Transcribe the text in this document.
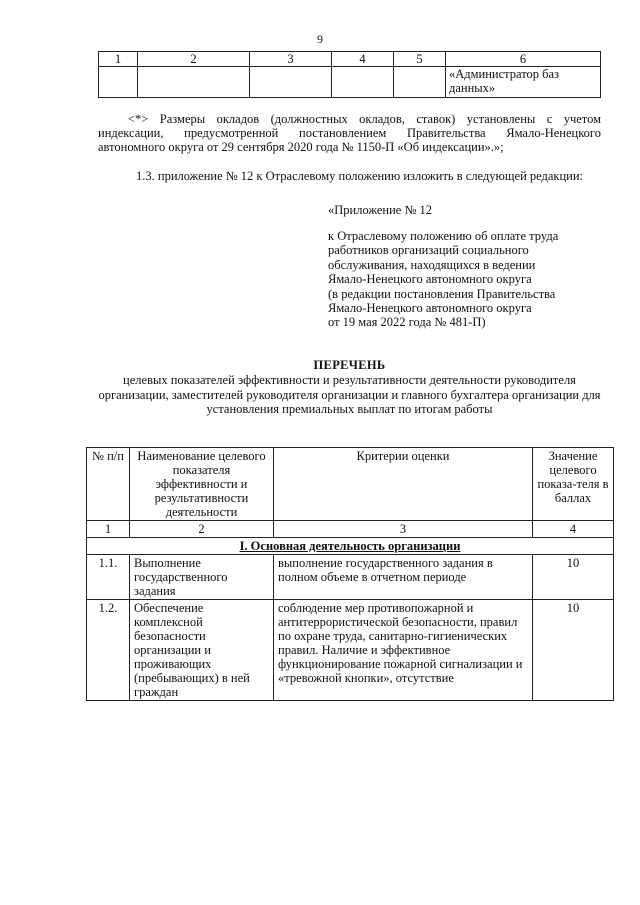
9
1	2	3	4	5	6
					«Администратор баз данных»
<*> Размеры окладов (должностных окладов, ставок) установлены с учетом индексации, предусмотренной постановлением Правительства Ямало-Ненецкого автономного округа от 29 сентября 2020 года № 1150-П «Об индексации».»;
1.3. приложение № 12 к Отраслевому положению изложить в следующей редакции:
«Приложение № 12
к Отраслевому положению об оплате труда
работников организаций социального
обслуживания, находящихся в ведении
Ямало-Ненецкого автономного округа
(в редакции постановления Правительства
Ямало-Ненецкого автономного округа
от 19 мая 2022 года № 481-П)
ПЕРЕЧЕНЬ
целевых показателей эффективности и результативности деятельности руководителя организации, заместителей руководителя организации и главного бухгалтера организации для установления премиальных выплат по итогам работы
№ п/п	Наименование целевого показателя эффективности и результативности деятельности	Критерии оценки	Значение целевого показа-теля в баллах
1	2	3	4
I. Основная деятельность организации			
1.1.	Выполнение государственного задания	выполнение государственного задания в полном объеме в отчетном периоде	10
1.2.	Обеспечение комплексной безопасности организации и проживающих (пребывающих) в ней граждан	соблюдение мер противопожарной и антитеррористической безопасности, правил по охране труда, санитарно-гигиенических правил. Наличие и эффективное функционирование пожарной сигнализации и «тревожной кнопки», отсутствие	10
